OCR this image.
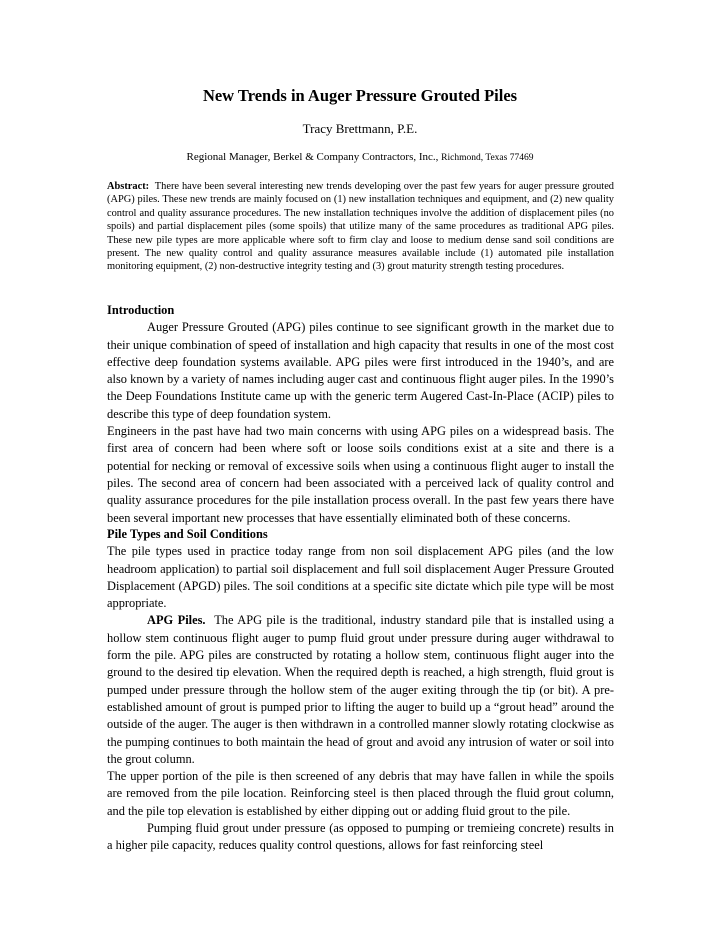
New Trends in Auger Pressure Grouted Piles
Tracy Brettmann, P.E.
Regional Manager, Berkel & Company Contractors, Inc., Richmond, Texas 77469
Abstract: There have been several interesting new trends developing over the past few years for auger pressure grouted (APG) piles. These new trends are mainly focused on (1) new installation techniques and equipment, and (2) new quality control and quality assurance procedures. The new installation techniques involve the addition of displacement piles (no spoils) and partial displacement piles (some spoils) that utilize many of the same procedures as traditional APG piles. These new pile types are more applicable where soft to firm clay and loose to medium dense sand soil conditions are present. The new quality control and quality assurance measures available include (1) automated pile installation monitoring equipment, (2) non-destructive integrity testing and (3) grout maturity strength testing procedures.
Introduction

Auger Pressure Grouted (APG) piles continue to see significant growth in the market due to their unique combination of speed of installation and high capacity that results in one of the most cost effective deep foundation systems available. APG piles were first introduced in the 1940’s, and are also known by a variety of names including auger cast and continuous flight auger piles. In the 1990’s the Deep Foundations Institute came up with the generic term Augered Cast-In-Place (ACIP) piles to describe this type of deep foundation system.

Engineers in the past have had two main concerns with using APG piles on a widespread basis. The first area of concern had been where soft or loose soils conditions exist at a site and there is a potential for necking or removal of excessive soils when using a continuous flight auger to install the piles. The second area of concern had been associated with a perceived lack of quality control and quality assurance procedures for the pile installation process overall. In the past few years there have been several important new processes that have essentially eliminated both of these concerns.

Pile Types and Soil Conditions

The pile types used in practice today range from non soil displacement APG piles (and the low headroom application) to partial soil displacement and full soil displacement Auger Pressure Grouted Displacement (APGD) piles. The soil conditions at a specific site dictate which pile type will be most appropriate.

APG Piles. The APG pile is the traditional, industry standard pile that is installed using a hollow stem continuous flight auger to pump fluid grout under pressure during auger withdrawal to form the pile. APG piles are constructed by rotating a hollow stem, continuous flight auger into the ground to the desired tip elevation. When the required depth is reached, a high strength, fluid grout is pumped under pressure through the hollow stem of the auger exiting through the tip (or bit). A pre-established amount of grout is pumped prior to lifting the auger to build up a “grout head” around the outside of the auger. The auger is then withdrawn in a controlled manner slowly rotating clockwise as the pumping continues to both maintain the head of grout and avoid any intrusion of water or soil into the grout column.

The upper portion of the pile is then screened of any debris that may have fallen in while the spoils are removed from the pile location. Reinforcing steel is then placed through the fluid grout column, and the pile top elevation is established by either dipping out or adding fluid grout to the pile.

Pumping fluid grout under pressure (as opposed to pumping or tremieing concrete) results in a higher pile capacity, reduces quality control questions, allows for fast reinforcing steel
